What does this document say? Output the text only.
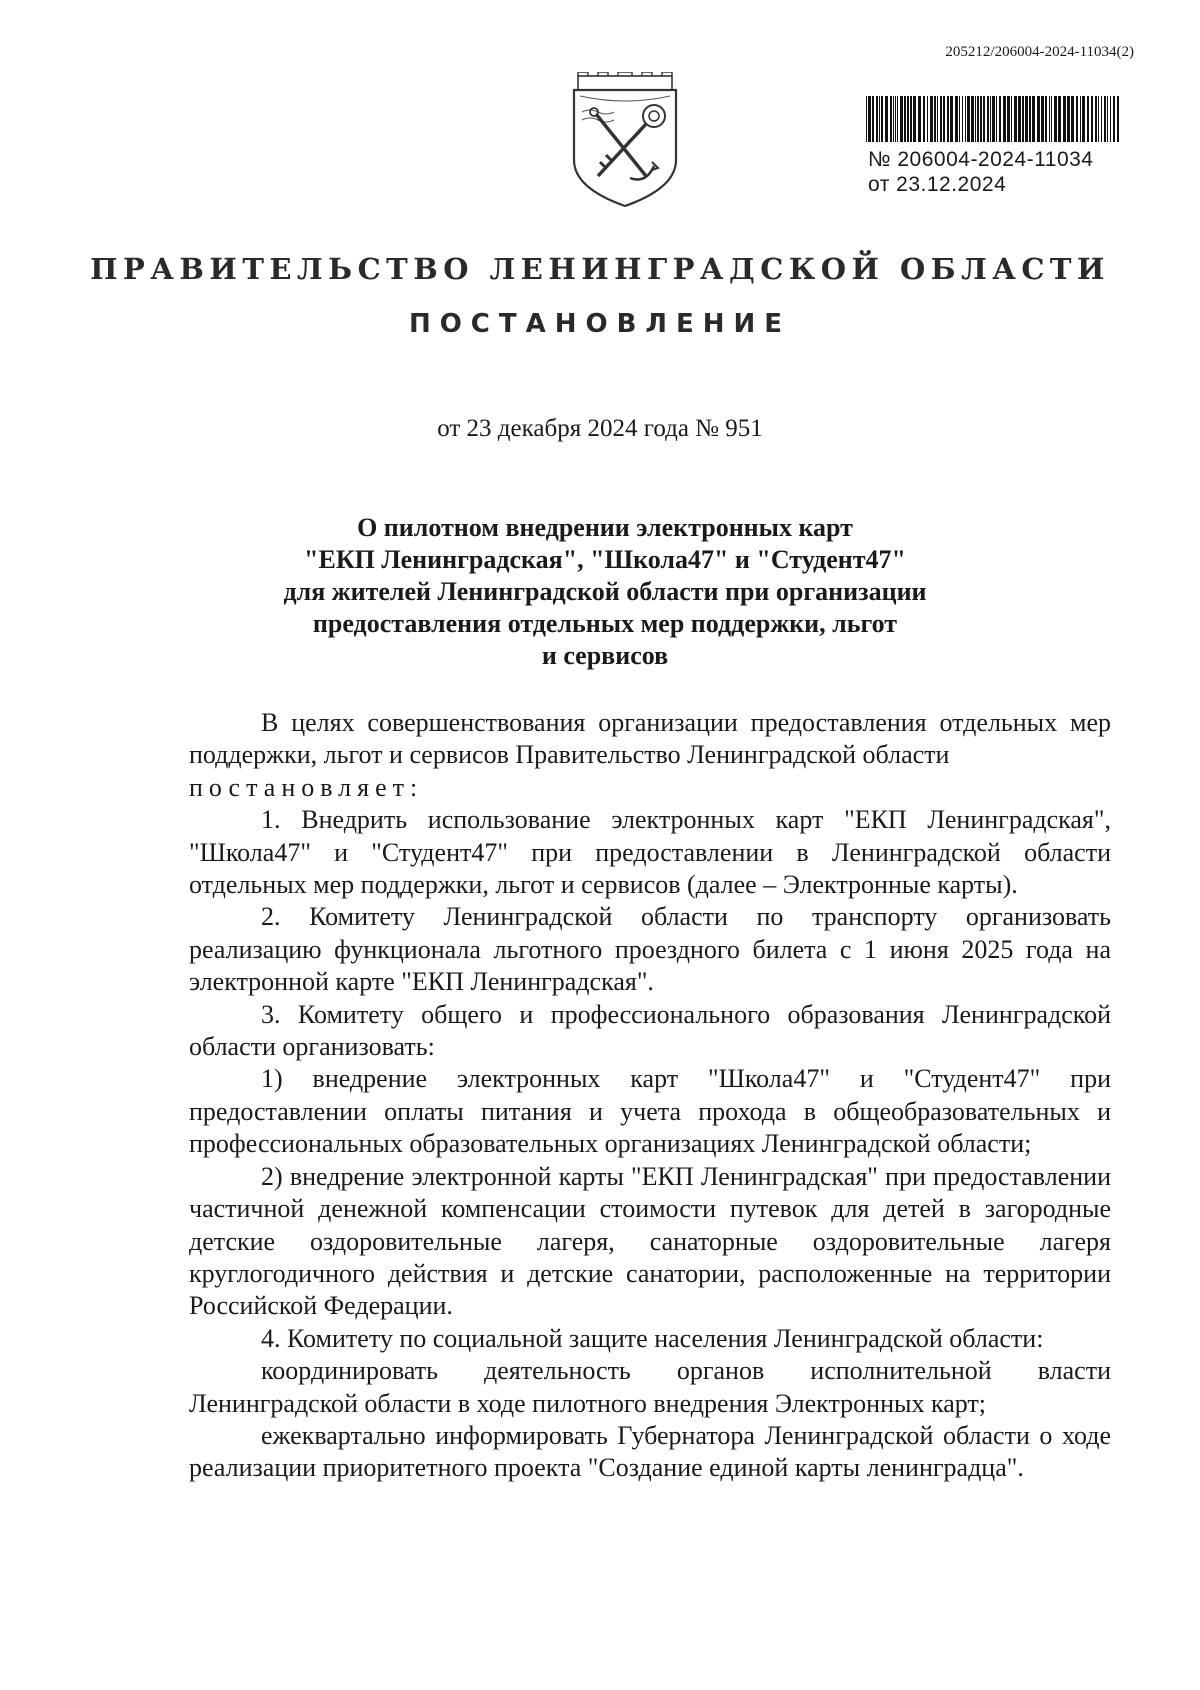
205212/206004-2024-11034(2)
№ 206004-2024-11034
от 23.12.2024
ПРАВИТЕЛЬСТВО ЛЕНИНГРАДСКОЙ ОБЛАСТИ
ПОСТАНОВЛЕНИЕ
от 23 декабря 2024 года № 951
О пилотном внедрении электронных карт
"ЕКП Ленинградская", "Школа47" и "Студент47"
для жителей Ленинградской области при организации
предоставления отдельных мер поддержки, льгот
и сервисов

В целях совершенствования организации предоставления отдельных мер поддержки, льгот и сервисов Правительство Ленинградской области

постановляет:

1. Внедрить использование электронных карт "ЕКП Ленинградская", "Школа47" и "Студент47" при предоставлении в Ленинградской области отдельных мер поддержки, льгот и сервисов (далее – Электронные карты).

2. Комитету Ленинградской области по транспорту организовать реализацию функционала льготного проездного билета с 1 июня 2025 года на электронной карте "ЕКП Ленинградская".

3. Комитету общего и профессионального образования Ленинградской области организовать:

1) внедрение электронных карт "Школа47" и "Студент47" при предоставлении оплаты питания и учета прохода в общеобразовательных и профессиональных образовательных организациях Ленинградской области;

2) внедрение электронной карты "ЕКП Ленинградская" при предоставлении частичной денежной компенсации стоимости путевок для детей в загородные детские оздоровительные лагеря, санаторные оздоровительные лагеря круглогодичного действия и детские санатории, расположенные на территории Российской Федерации.

4. Комитету по социальной защите населения Ленинградской области:

координировать деятельность органов исполнительной власти Ленинградской области в ходе пилотного внедрения Электронных карт;

ежеквартально информировать Губернатора Ленинградской области о ходе реализации приоритетного проекта "Создание единой карты ленинградца".
